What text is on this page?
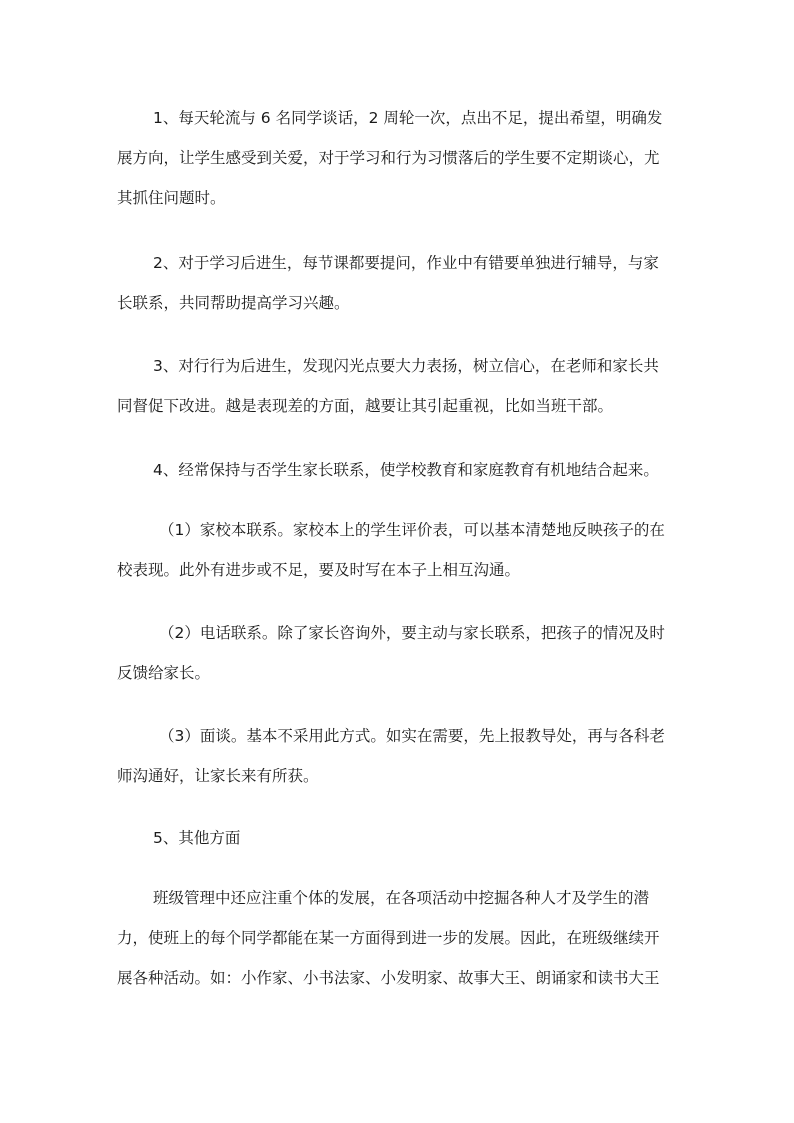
1、每天轮流与 6 名同学谈话，2 周轮一次，点出不足，提出希望，明确发
展方向，让学生感受到关爱，对于学习和行为习惯落后的学生要不定期谈心，尤
其抓住问题时。
2、对于学习后进生，每节课都要提问，作业中有错要单独进行辅导，与家
长联系，共同帮助提高学习兴趣。
3、对行行为后进生，发现闪光点要大力表扬，树立信心，在老师和家长共
同督促下改进。越是表现差的方面，越要让其引起重视，比如当班干部。
4、经常保持与否学生家长联系，使学校教育和家庭教育有机地结合起来。
（1）家校本联系。家校本上的学生评价表，可以基本清楚地反映孩子的在
校表现。此外有进步或不足，要及时写在本子上相互沟通。
（2）电话联系。除了家长咨询外，要主动与家长联系，把孩子的情况及时
反馈给家长。
（3）面谈。基本不采用此方式。如实在需要，先上报教导处，再与各科老
师沟通好，让家长来有所获。
5、其他方面
班级管理中还应注重个体的发展，在各项活动中挖掘各种人才及学生的潜
力，使班上的每个同学都能在某一方面得到进一步的发展。因此，在班级继续开
展各种活动。如：小作家、小书法家、小发明家、故事大王、朗诵家和读书大王
